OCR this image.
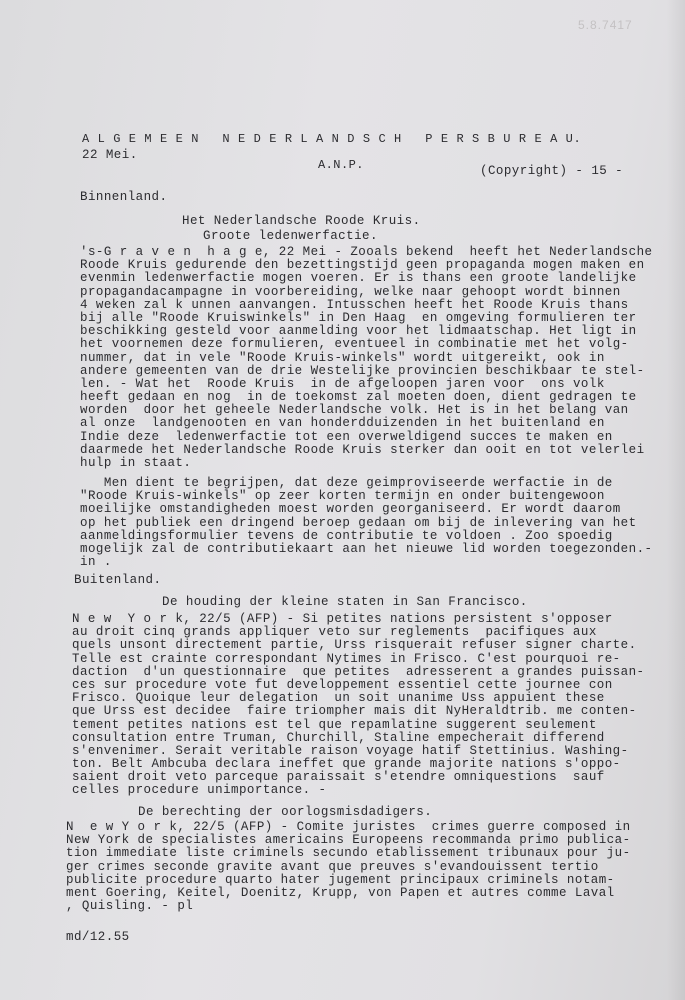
5.8.7417
A L G E M E E N   N E D E R L A N D S C H   P E R S B U R E A U.
22 Mei.
A.N.P.	(Copyright) - 15 -
Binnenland.
Het Nederlandsche Roode Kruis.
Groote ledenwerfactie.
's-G r a v e n  h a g e, 22 Mei - Zooals bekend  heeft het Nederlandsche
Roode Kruis gedurende den bezettingstijd geen propaganda mogen maken en
evenmin ledenwerfactie mogen voeren. Er is thans een groote landelijke
propagandacampagne in voorbereiding, welke naar gehoopt wordt binnen
4 weken zal k unnen aanvangen. Intusschen heeft het Roode Kruis thans
bij alle "Roode Kruiswinkels" in Den Haag  en omgeving formulieren ter
beschikking gesteld voor aanmelding voor het lidmaatschap. Het ligt in
het voornemen deze formulieren, eventueel in combinatie met het volg-
nummer, dat in vele "Roode Kruis-winkels" wordt uitgereikt, ook in
andere gemeenten van de drie Westelijke provincien beschikbaar te stel-
len. - Wat het  Roode Kruis  in de afgeloopen jaren voor  ons volk
heeft gedaan en nog  in de toekomst zal moeten doen, dient gedragen te
worden  door het geheele Nederlandsche volk. Het is in het belang van
al onze  landgenooten en van honderdduizenden in het buitenland en
Indie deze  ledenwerfactie tot een overweldigend succes te maken en
daarmede het Nederlandsche Roode Kruis sterker dan ooit en tot velerlei
hulp in staat.
Men dient te begrijpen, dat deze geimproviseerde werfactie in de
"Roode Kruis-winkels" op zeer korten termijn en onder buitengewoon
moeilijke omstandigheden moest worden georganiseerd. Er wordt daarom
op het publiek een dringend beroep gedaan om bij de inlevering van het
aanmeldingsformulier tevens de contributie te voldoen . Zoo spoedig
mogelijk zal de contributiekaart aan het nieuwe lid worden toegezonden.-
in .
Buitenland.
De houding der kleine staten in San Francisco.
N e w  Y o r k, 22/5 (AFP) - Si petites nations persistent s'opposer
au droit cinq grands appliquer veto sur reglements  pacifiques aux
quels unsont directement partie, Urss risquerait refuser signer charte.
Telle est crainte correspondant Nytimes in Frisco. C'est pourquoi re-
daction  d'un questionnaire  que petites  adresserent a grandes puissan-
ces sur procedure vote fut developpement essentiel cette journee con
Frisco. Quoique leur delegation  un soit unanime Uss appuient these
que Urss est decidee  faire triompher mais dit NyHeraldtrib. me conten-
tement petites nations est tel que repamlatine suggerent seulement
consultation entre Truman, Churchill, Staline empecherait differend
s'envenimer. Serait veritable raison voyage hatif Stettinius. Washing-
ton. Belt Ambcuba declara ineffet que grande majorite nations s'oppo-
saient droit veto parceque paraissait s'etendre omniquestions  sauf
celles procedure unimportance. -
De berechting der oorlogsmisdadigers.
N  e w Y o r k, 22/5 (AFP) - Comite juristes  crimes guerre composed in
New York de specialistes americains Europeens recommanda primo publica-
tion immediate liste criminels secundo etablissement tribunaux pour ju-
ger crimes seconde gravite avant que preuves s'evandouissent tertio
publicite procedure quarto hater jugement principaux criminels notam-
ment Goering, Keitel, Doenitz, Krupp, von Papen et autres comme Laval
, Quisling. - pl
md/12.55
